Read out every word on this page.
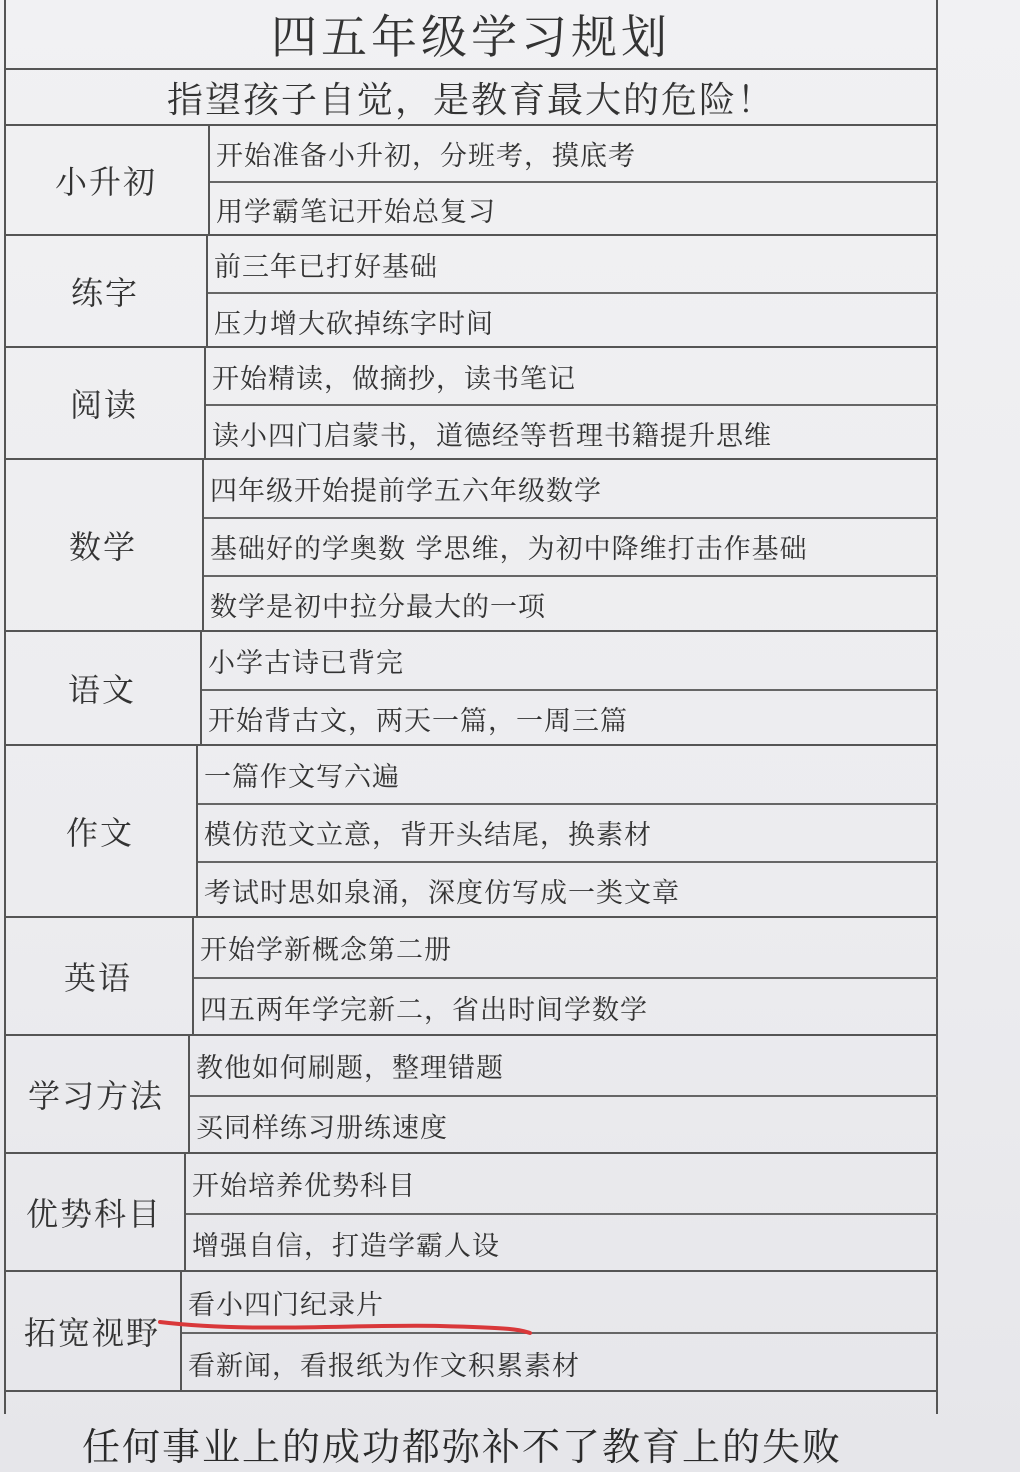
四五年级学习规划
指望孩子自觉，是教育最大的危险！
小升初
开始准备小升初，分班考，摸底考
用学霸笔记开始总复习
练字
前三年已打好基础
压力增大砍掉练字时间
阅读
开始精读，做摘抄，读书笔记
读小四门启蒙书，道德经等哲理书籍提升思维
数学
四年级开始提前学五六年级数学
基础好的学奥数 学思维，为初中降维打击作基础
数学是初中拉分最大的一项
语文
小学古诗已背完
开始背古文，两天一篇，一周三篇
作文
一篇作文写六遍
模仿范文立意，背开头结尾，换素材
考试时思如泉涌，深度仿写成一类文章
英语
开始学新概念第二册
四五两年学完新二，省出时间学数学
学习方法
教他如何刷题，整理错题
买同样练习册练速度
优势科目
开始培养优势科目
增强自信，打造学霸人设
拓宽视野
看小四门纪录片
看新闻，看报纸为作文积累素材
任何事业上的成功都弥补不了教育上的失败
